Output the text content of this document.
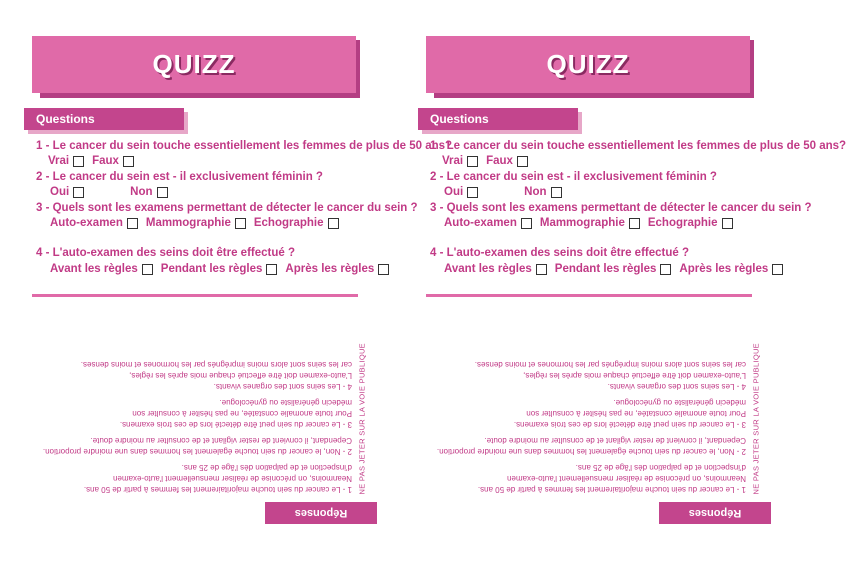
QUIZZ
Questions
1 - Le cancer du sein touche essentiellement les femmes de plus de 50 ans?
Vrai Faux
2 - Le cancer du sein est - il exclusivement féminin ?
Oui	Non
3 - Quels sont les examens permettant de détecter le cancer du sein ?
Auto-examen Mammographie Echographie
4 - L'auto-examen des seins doit être effectué ?
Avant les règles Pendant les règles Après les règles

1 - Le cancer du sein touche majoritairement les femmes à partir de 50 ans.
Neanmoins, on préconise de réaliser mensuellement l'auto-examen
d'inspection et de palpation dès l'âge de 25 ans.

2 - Non, le cancer du sein touche également les hommes dans une moindre proportion.
Cependant, il convient de rester vigilant et de consulter au moindre doute.

3 - Le cancer du sein peut être détecté lors de ces trois examens.
Pour toute anomalie constatée, ne pas hésiter à consulter son
médecin généraliste ou gynécologue.

4 - Les seins sont des organes vivants.
L'auto-examen doit être effectué chaque mois après les règles,
car les seins sont alors moins imprégnés par les hormones et moins denses.	NE PAS JETER SUR LA VOIE PUBLIQUE
Réponses
QUIZZ
Questions
1 - Le cancer du sein touche essentiellement les femmes de plus de 50 ans?
Vrai Faux
2 - Le cancer du sein est - il exclusivement féminin ?
Oui	Non
3 - Quels sont les examens permettant de détecter le cancer du sein ?
Auto-examen Mammographie Echographie
4 - L'auto-examen des seins doit être effectué ?
Avant les règles Pendant les règles Après les règles

1 - Le cancer du sein touche majoritairement les femmes à partir de 50 ans.
Neanmoins, on préconise de réaliser mensuellement l'auto-examen
d'inspection et de palpation dès l'âge de 25 ans.

2 - Non, le cancer du sein touche également les hommes dans une moindre proportion.
Cependant, il convient de rester vigilant et de consulter au moindre doute.

3 - Le cancer du sein peut être détecté lors de ces trois examens.
Pour toute anomalie constatée, ne pas hésiter à consulter son
médecin généraliste ou gynécologue.

4 - Les seins sont des organes vivants.
L'auto-examen doit être effectué chaque mois après les règles,
car les seins sont alors moins imprégnés par les hormones et moins denses.	NE PAS JETER SUR LA VOIE PUBLIQUE
Réponses
